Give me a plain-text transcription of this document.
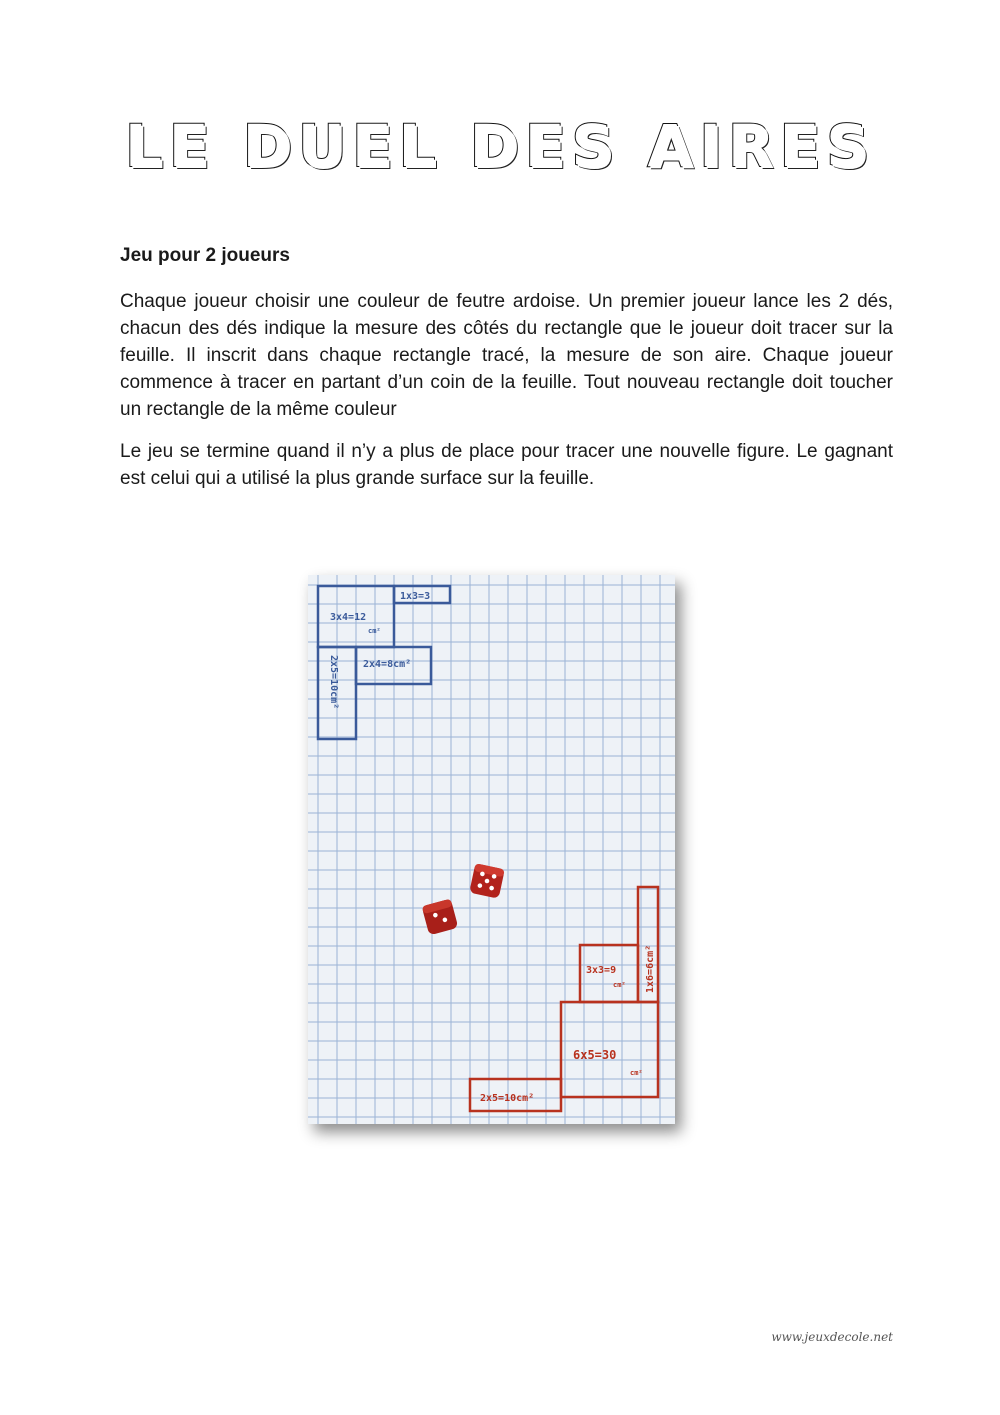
LE DUEL DES AIRES
Jeu pour 2 joueurs

Chaque joueur choisir une couleur de feutre ardoise. Un premier joueur lance les 2 dés, chacun des dés indique la mesure des côtés du rectangle que le joueur doit tracer sur la feuille. Il inscrit dans chaque rectangle tracé, la mesure de son aire. Chaque joueur commence à tracer en partant d’un coin de la feuille. Tout nouveau rectangle doit toucher un rectangle de la même couleur

Le jeu se termine quand il n’y a plus de place pour tracer une nouvelle figure. Le gagnant est celui qui a utilisé la plus grande surface sur la feuille.

1x3=3
3x4=12
cm²
2x4=8cm²
2x5=10cm²
1x6=6cm²
3x3=9
cm²
6x5=30
cm²
2x5=10cm²
www.jeuxdecole.net
